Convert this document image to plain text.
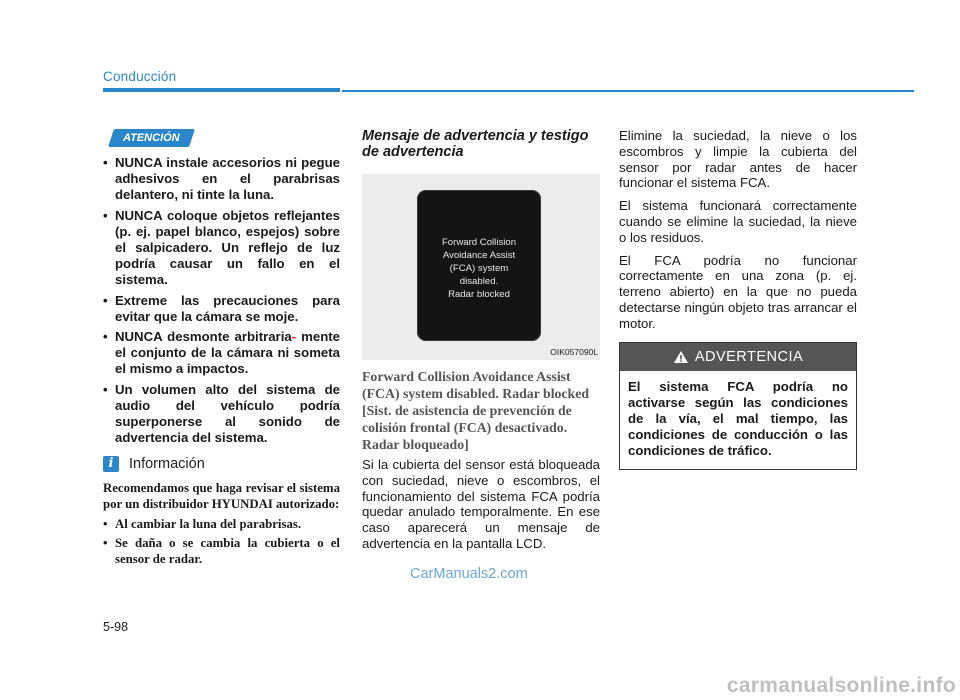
Conducción
ATENCIÓN
• NUNCA instale accesorios ni pegue adhesivos en el parabrisas delantero, ni tinte la luna.
• NUNCA coloque objetos reflejantes (p. ej. papel blanco, espejos) sobre el salpicadero. Un reflejo de luz podría causar un fallo en el sistema.
• Extreme las precauciones para evitar que la cámara se moje.
• NUNCA desmonte arbitraria- mente el conjunto de la cámara ni someta el mismo a impactos.
• Un volumen alto del sistema de audio del vehículo podría superponerse al sonido de advertencia del sistema.
i	Información
Recomendamos que haga revisar el sistema por un distribuidor HYUNDAI autorizado:
• Al cambiar la luna del parabrisas.
• Se daña o se cambia la cubierta o el sensor de radar.
Mensaje de advertencia y testigo de advertencia
Forward Collision
Avoidance Assist
(FCA) system
disabled.
Radar blocked
OIK057090L
Forward Collision Avoidance Assist (FCA) system disabled. Radar blocked [Sist. de asistencia de prevención de colisión frontal (FCA) desactivado. Radar bloqueado]

Si la cubierta del sensor está bloqueada con suciedad, nieve o escombros, el funcionamiento del sistema FCA podría quedar anulado temporalmente. En ese caso aparecerá un mensaje de advertencia en la pantalla LCD.

Elimine la suciedad, la nieve o los escombros y limpie la cubierta del sensor por radar antes de hacer funcionar el sistema FCA.

El sistema funcionará correctamente cuando se elimine la suciedad, la nieve o los residuos.

El FCA podría no funcionar correctamente en una zona (p. ej. terreno abierto) en la que no pueda detectarse ningún objeto tras arrancar el motor.

ADVERTENCIA
El sistema FCA podría no activarse según las condiciones de la vía, el mal tiempo, las condiciones de conducción o las condiciones de tráfico.
CarManuals2.com
5-98
carmanualsonline.info
